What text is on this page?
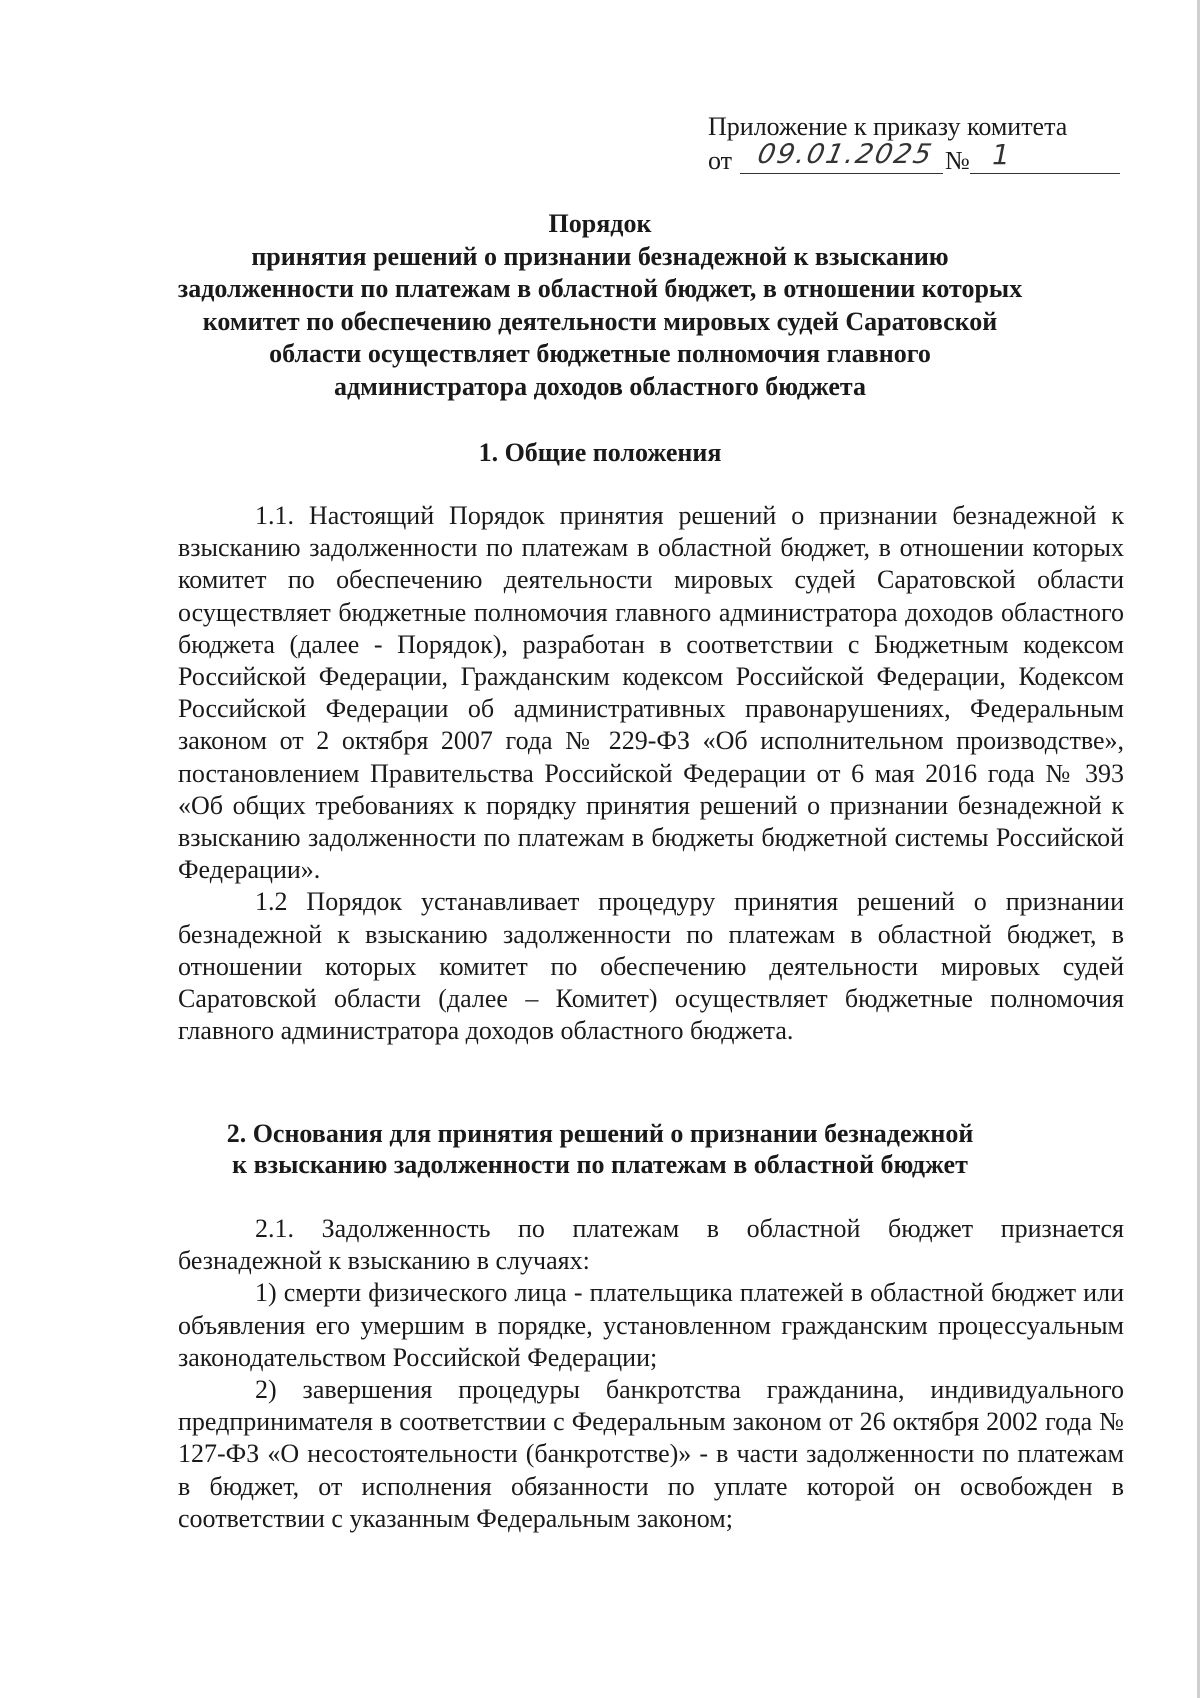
Приложение к приказу комитета
от 09.01.2025 № 1
Порядок
принятия решений о признании безнадежной к взысканию
задолженности по платежам в областной бюджет, в отношении которых
комитет по обеспечению деятельности мировых судей Саратовской
области осуществляет бюджетные полномочия главного
администратора доходов областного бюджета
1. Общие положения

1.1. Настоящий Порядок принятия решений о признании безнадежной к взысканию задолженности по платежам в областной бюджет, в отношении которых комитет по обеспечению деятельности мировых судей Саратовской области осуществляет бюджетные полномочия главного администратора доходов областного бюджета (далее - Порядок), разработан в соответствии с Бюджетным кодексом Российской Федерации, Гражданским кодексом Российской Федерации, Кодексом Российской Федерации об административных правонарушениях, Федеральным законом от 2 октября 2007 года № 229-ФЗ «Об исполнительном производстве», постановлением Правительства Российской Федерации от 6 мая 2016 года № 393 «Об общих требованиях к порядку принятия решений о признании безнадежной к взысканию задолженности по платежам в бюджеты бюджетной системы Российской Федерации».

1.2 Порядок устанавливает процедуру принятия решений о признании безнадежной к взысканию задолженности по платежам в областной бюджет, в отношении которых комитет по обеспечению деятельности мировых судей Саратовской области (далее – Комитет) осуществляет бюджетные полномочия главного администратора доходов областного бюджета.

2. Основания для принятия решений о признании безнадежной
к взысканию задолженности по платежам в областной бюджет

2.1. Задолженность по платежам в областной бюджет признается безнадежной к взысканию в случаях:

1) смерти физического лица - плательщика платежей в областной бюджет или объявления его умершим в порядке, установленном гражданским процессуальным законодательством Российской Федерации;

2) завершения процедуры банкротства гражданина, индивидуального предпринимателя в соответствии с Федеральным законом от 26 октября 2002 года № 127-ФЗ «О несостоятельности (банкротстве)» - в части задолженности по платежам в бюджет, от исполнения обязанности по уплате которой он освобожден в соответствии с указанным Федеральным законом;
